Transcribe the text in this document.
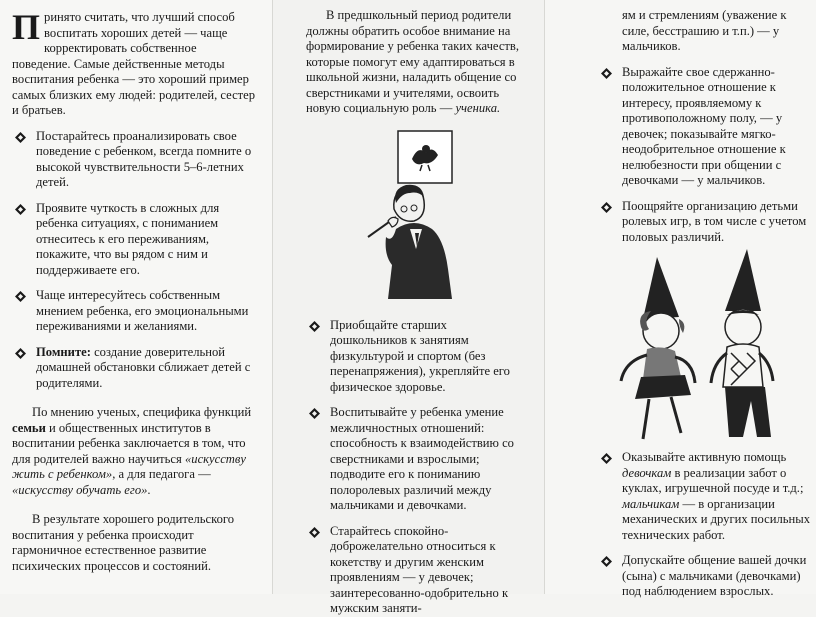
Принято считать, что лучший способ воспитать хороших детей — чаще корректировать собственное поведение. Самые действенные методы воспитания ребенка — это хороший пример самых близких ему людей: родителей, сестер и братьев.

Постарайтесь проанализировать свое поведение с ребенком, всегда помните о высокой чувствительности 5–6-летних детей.
Проявите чуткость в сложных для ребенка ситуациях, с пониманием отнеситесь к его переживаниям, покажите, что вы рядом с ним и поддерживаете его.
Чаще интересуйтесь собственным мнением ребенка, его эмоциональными переживаниями и желаниями.
Помните: создание доверительной домашней обстановки сближает детей с родителями.

По мнению ученых, специфика функций семьи и общественных институтов в воспитании ребенка заключается в том, что для родителей важно научиться «искусству жить с ребенком», а для педагога — «искусству обучать его».

В результате хорошего родительского воспитания у ребенка происходит гармоничное естественное развитие психических процессов и состояний.

В предшкольный период родители должны обратить особое внимание на формирование у ребенка таких качеств, которые помогут ему адаптироваться в школьной жизни, наладить общение со сверстниками и учителями, освоить новую социальную роль — ученика.

Приобщайте старших дошкольников к занятиям физкультурой и спортом (без перенапряжения), укрепляйте его физическое здоровье.
Воспитывайте у ребенка умение межличностных отношений: способность к взаимодействию со сверстниками и взрослыми; подводите его к пониманию полоролевых различий между мальчиками и девочками.
Старайтесь спокойно-доброжелательно относиться к кокетству и другим женским проявлениям — у девочек; заинтересованно-одобрительно к мужским заняти-

ям и стремлениям (уважение к силе, бесстрашию и т.п.) — у мальчиков.

Выражайте свое сдержанно-положительное отношение к интересу, проявляемому к противоположному полу, — у девочек; показывайте мягко-неодобрительное отношение к нелюбезности при общении с девочками — у мальчиков.
Поощряйте организацию детьми ролевых игр, в том числе с учетом половых различий.
Оказывайте активную помощь девочкам в реализации забот о куклах, игрушечной посуде и т.д.; мальчикам — в организации механических и других посильных технических работ.
Допускайте общение вашей дочки (сына) с мальчиками (девочками) под наблюдением взрослых.
